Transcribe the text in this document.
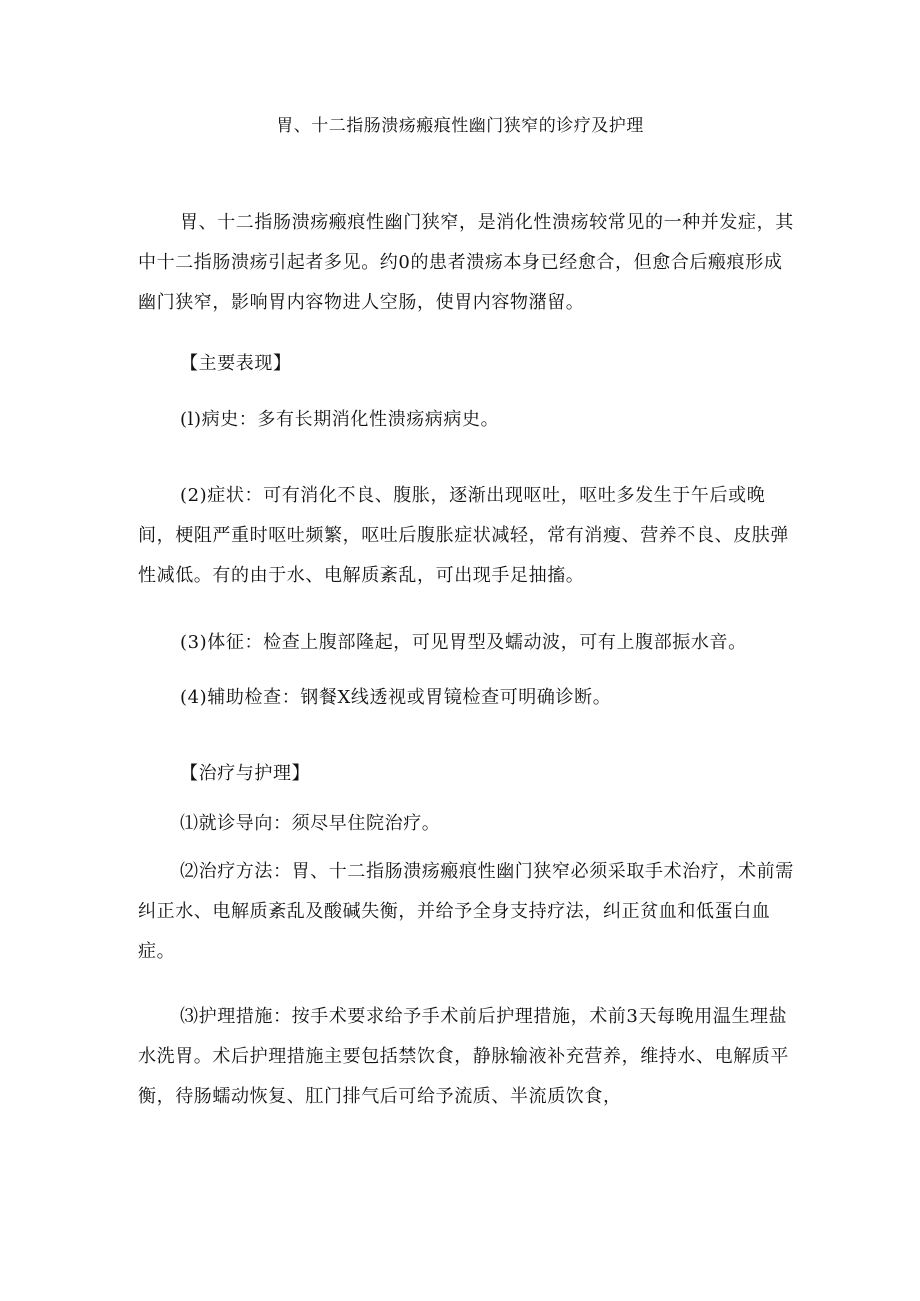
胃、十二指肠溃疡瘢痕性幽门狭窄的诊疗及护理

胃、十二指肠溃疡瘢痕性幽门狭窄，是消化性溃疡较常见的一种并发症，其中十二指肠溃疡引起者多见。约0的患者溃疡本身已经愈合，但愈合后瘢痕形成幽门狭窄，影响胃内容物进人空肠，使胃内容物潴留。

【主要表现】

(l)病史：多有长期消化性溃疡病病史。

(2)症状：可有消化不良、腹胀，逐渐出现呕吐，呕吐多发生于午后或晚间，梗阻严重时呕吐频繁，呕吐后腹胀症状减轻，常有消瘦、营养不良、皮肤弹性减低。有的由于水、电解质紊乱，可出现手足抽搐。

(3)体征：检查上腹部隆起，可见胃型及蠕动波，可有上腹部振水音。

(4)辅助检查：钢餐X线透视或胃镜检查可明确诊断。

【治疗与护理】

⑴就诊导向：须尽早住院治疗。

⑵治疗方法：胃、十二指肠溃疡瘢痕性幽门狭窄必须采取手术治疗，术前需纠正水、电解质紊乱及酸碱失衡，并给予全身支持疗法，纠正贫血和低蛋白血症。

⑶护理措施：按手术要求给予手术前后护理措施，术前3天每晚用温生理盐水洗胃。术后护理措施主要包括禁饮食，静脉输液补充营养，维持水、电解质平衡，待肠蠕动恢复、肛门排气后可给予流质、半流质饮食，
